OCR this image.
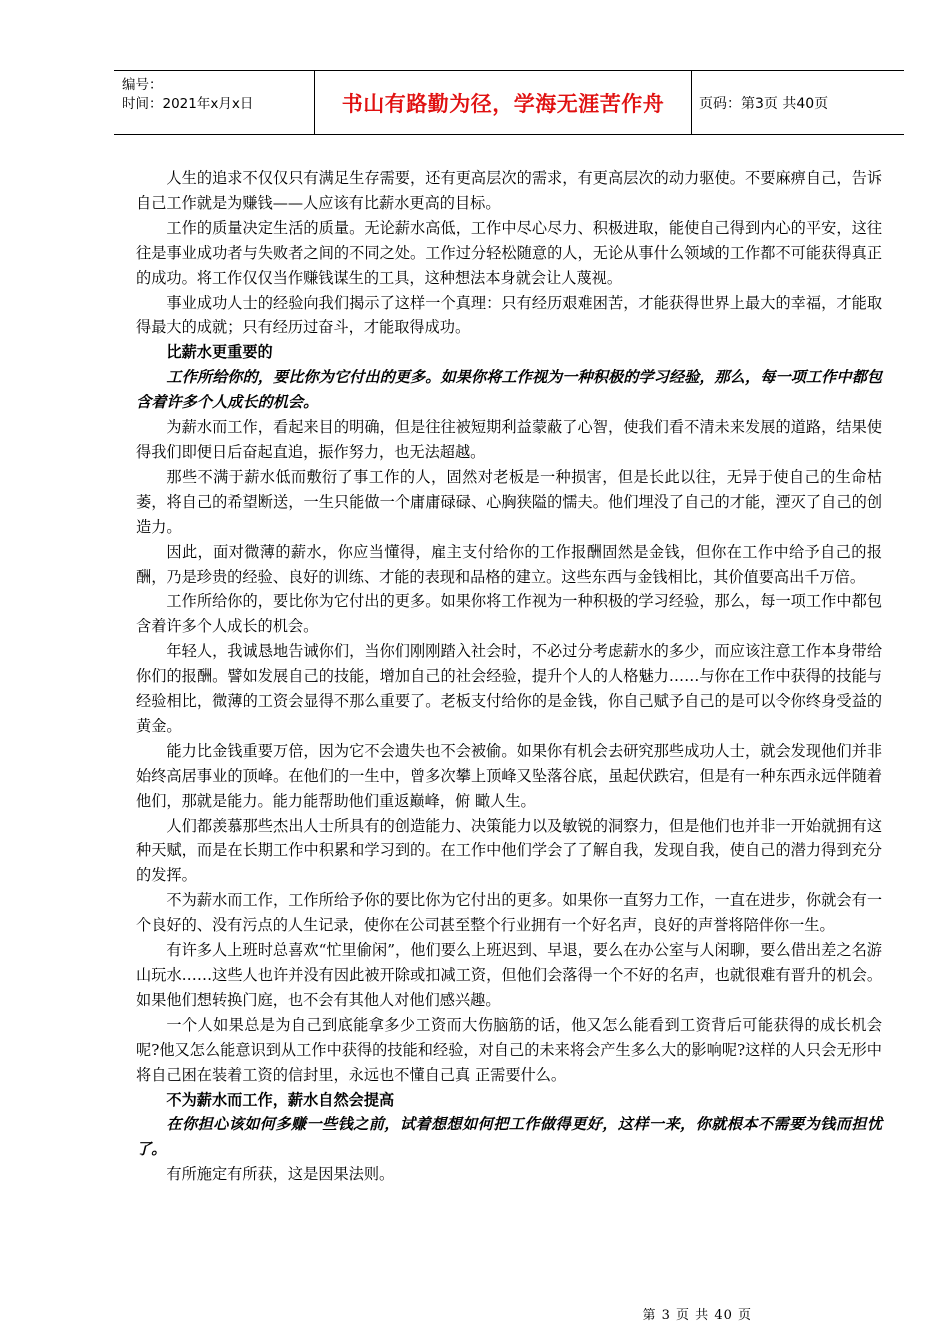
编号：
时间：2021年x月x日	书山有路勤为径，学海无涯苦作舟	页码：第3页 共40页

人生的追求不仅仅只有满足生存需要，还有更高层次的需求，有更高层次的动力驱使。不要麻痹自己，告诉自己工作就是为赚钱——人应该有比薪水更高的目标。

工作的质量决定生活的质量。无论薪水高低，工作中尽心尽力、积极进取，能使自己得到内心的平安，这往往是事业成功者与失败者之间的不同之处。工作过分轻松随意的人，无论从事什么领域的工作都不可能获得真正的成功。将工作仅仅当作赚钱谋生的工具，这种想法本身就会让人蔑视。

事业成功人士的经验向我们揭示了这样一个真理：只有经历艰难困苦，才能获得世界上最大的幸福，才能取得最大的成就；只有经历过奋斗，才能取得成功。

比薪水更重要的

工作所给你的，要比你为它付出的更多。如果你将工作视为一种积极的学习经验，那么，每一项工作中都包含着许多个人成长的机会。

为薪水而工作，看起来目的明确，但是往往被短期利益蒙蔽了心智，使我们看不清未来发展的道路，结果使得我们即便日后奋起直追，振作努力，也无法超越。

那些不满于薪水低而敷衍了事工作的人，固然对老板是一种损害，但是长此以往，无异于使自己的生命枯萎，将自己的希望断送，一生只能做一个庸庸碌碌、心胸狭隘的懦夫。他们埋没了自己的才能，湮灭了自己的创造力。

因此，面对微薄的薪水，你应当懂得，雇主支付给你的工作报酬固然是金钱，但你在工作中给予自己的报酬，乃是珍贵的经验、良好的训练、才能的表现和品格的建立。这些东西与金钱相比，其价值要高出千万倍。

工作所给你的，要比你为它付出的更多。如果你将工作视为一种积极的学习经验，那么，每一项工作中都包含着许多个人成长的机会。

年轻人，我诚恳地告诫你们，当你们刚刚踏入社会时，不必过分考虑薪水的多少，而应该注意工作本身带给你们的报酬。譬如发展自己的技能，增加自己的社会经验，提升个人的人格魅力……与你在工作中获得的技能与经验相比，微薄的工资会显得不那么重要了。老板支付给你的是金钱，你自己赋予自己的是可以令你终身受益的黄金。

能力比金钱重要万倍，因为它不会遗失也不会被偷。如果你有机会去研究那些成功人士，就会发现他们并非始终高居事业的顶峰。在他们的一生中，曾多次攀上顶峰又坠落谷底，虽起伏跌宕，但是有一种东西永远伴随着他们，那就是能力。能力能帮助他们重返巅峰，俯 瞰人生。

人们都羡慕那些杰出人士所具有的创造能力、决策能力以及敏锐的洞察力，但是他们也并非一开始就拥有这种天赋，而是在长期工作中积累和学习到的。在工作中他们学会了了解自我，发现自我，使自己的潜力得到充分的发挥。

不为薪水而工作，工作所给予你的要比你为它付出的更多。如果你一直努力工作，一直在进步，你就会有一个良好的、没有污点的人生记录，使你在公司甚至整个行业拥有一个好名声，良好的声誉将陪伴你一生。

有许多人上班时总喜欢“忙里偷闲”，他们要么上班迟到、早退，要么在办公室与人闲聊，要么借出差之名游山玩水……这些人也许并没有因此被开除或扣减工资，但他们会落得一个不好的名声，也就很难有晋升的机会。如果他们想转换门庭，也不会有其他人对他们感兴趣。

一个人如果总是为自己到底能拿多少工资而大伤脑筋的话，他又怎么能看到工资背后可能获得的成长机会呢?他又怎么能意识到从工作中获得的技能和经验，对自己的未来将会产生多么大的影响呢?这样的人只会无形中将自己困在装着工资的信封里，永远也不懂自己真 正需要什么。

不为薪水而工作，薪水自然会提高

在你担心该如何多赚一些钱之前，试着想想如何把工作做得更好，这样一来，你就根本不需要为钱而担忧了。

有所施定有所获，这是因果法则。

第 3 页 共 40 页
